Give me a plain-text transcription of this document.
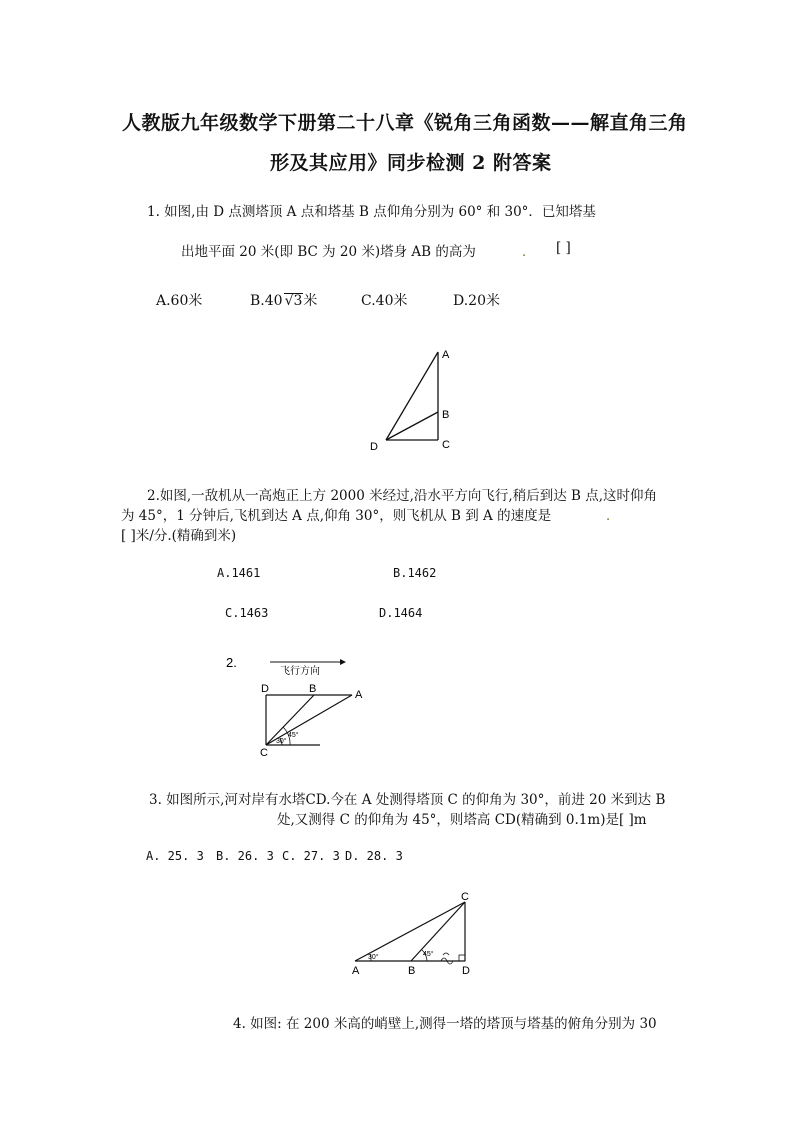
人教版九年级数学下册第二十八章《锐角三角函数——解直角三角
形及其应用》同步检测 2 附答案
1. 如图,由 D 点测塔顶 A 点和塔基 B 点仰角分别为 60° 和 30°．已知塔基
出地平面 20 米(即 BC 为 20 米)塔身 AB 的高为	． [ ]
A.60米	B.40 √3米	C.40米	D.20米
A
B
C
D
2.如图,一敌机从一高炮正上方 2000 米经过,沿水平方向飞行,稍后到达 B 点,这时仰角
为 45°，1 分钟后,飞机到达 A 点,仰角 30°，则飞机从 B 到 A 的速度是	．
[ ]米/分.(精确到米)
A.1461	B.1462
C.1463	D.1464
2.
飞行方向
D	B	A
C
30°
45°
3. 如图所示,河对岸有水塔CD.今在 A 处测得塔顶 C 的仰角为 30°，前进 20 米到达 B
处,又测得 C 的仰角为 45°，则塔高 CD(精确到 0.1m)是[ ]m
A. 25. 3 B. 26. 3 C. 27. 3 D. 28. 3
30°	45°
C
A	B	D
4. 如图: 在 200 米高的峭壁上,测得一塔的塔顶与塔基的俯角分别为 30
